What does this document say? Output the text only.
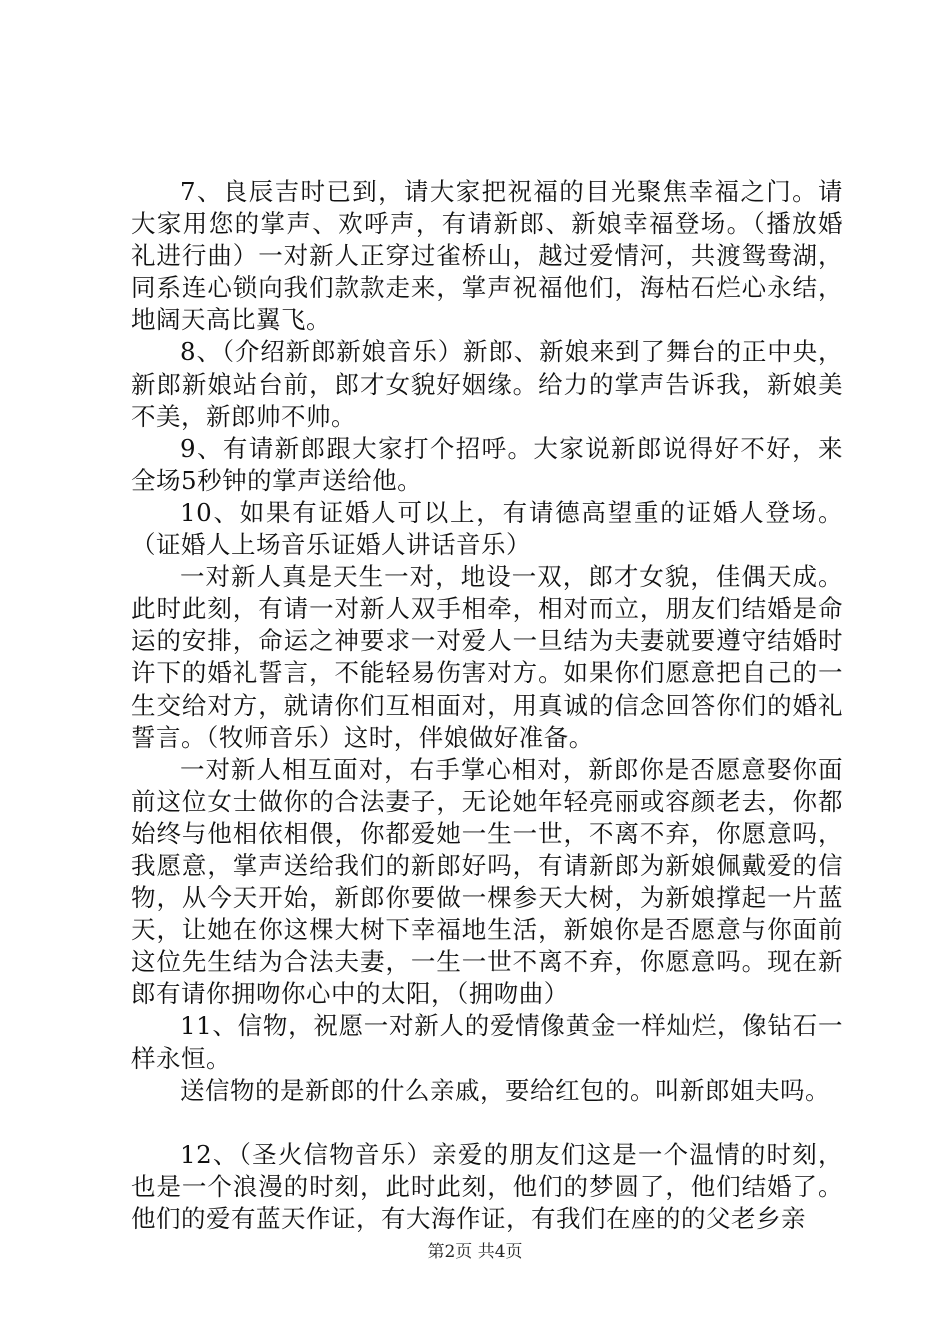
7、良辰吉时已到，请大家把祝福的目光聚焦幸福之门。请大家用您的掌声、欢呼声，有请新郎、新娘幸福登场。（播放婚礼进行曲）一对新人正穿过雀桥山，越过爱情河，共渡鸳鸯湖，同系连心锁向我们款款走来，掌声祝福他们，海枯石烂心永结，地阔天高比翼飞。

8、（介绍新郎新娘音乐）新郎、新娘来到了舞台的正中央，新郎新娘站台前，郎才女貌好姻缘。给力的掌声告诉我，新娘美不美，新郎帅不帅。

9、有请新郎跟大家打个招呼。大家说新郎说得好不好，来全场5秒钟的掌声送给他。

10、如果有证婚人可以上，有请德高望重的证婚人登场。（证婚人上场音乐证婚人讲话音乐）

一对新人真是天生一对，地设一双，郎才女貌，佳偶天成。此时此刻，有请一对新人双手相牵，相对而立，朋友们结婚是命运的安排，命运之神要求一对爱人一旦结为夫妻就要遵守结婚时许下的婚礼誓言，不能轻易伤害对方。如果你们愿意把自己的一生交给对方，就请你们互相面对，用真诚的信念回答你们的婚礼誓言。（牧师音乐）这时，伴娘做好准备。

一对新人相互面对，右手掌心相对，新郎你是否愿意娶你面前这位女士做你的合法妻子，无论她年轻亮丽或容颜老去，你都始终与他相依相偎，你都爱她一生一世，不离不弃，你愿意吗，我愿意，掌声送给我们的新郎好吗，有请新郎为新娘佩戴爱的信物，从今天开始，新郎你要做一棵参天大树，为新娘撑起一片蓝天，让她在你这棵大树下幸福地生活，新娘你是否愿意与你面前这位先生结为合法夫妻，一生一世不离不弃，你愿意吗。现在新郎有请你拥吻你心中的太阳，（拥吻曲）

11、信物，祝愿一对新人的爱情像黄金一样灿烂，像钻石一样永恒。

送信物的是新郎的什么亲戚，要给红包的。叫新郎姐夫吗。

12、（圣火信物音乐）亲爱的朋友们这是一个温情的时刻，也是一个浪漫的时刻，此时此刻，他们的梦圆了，他们结婚了。他们的爱有蓝天作证，有大海作证，有我们在座的的父老乡亲

第2页 共4页
